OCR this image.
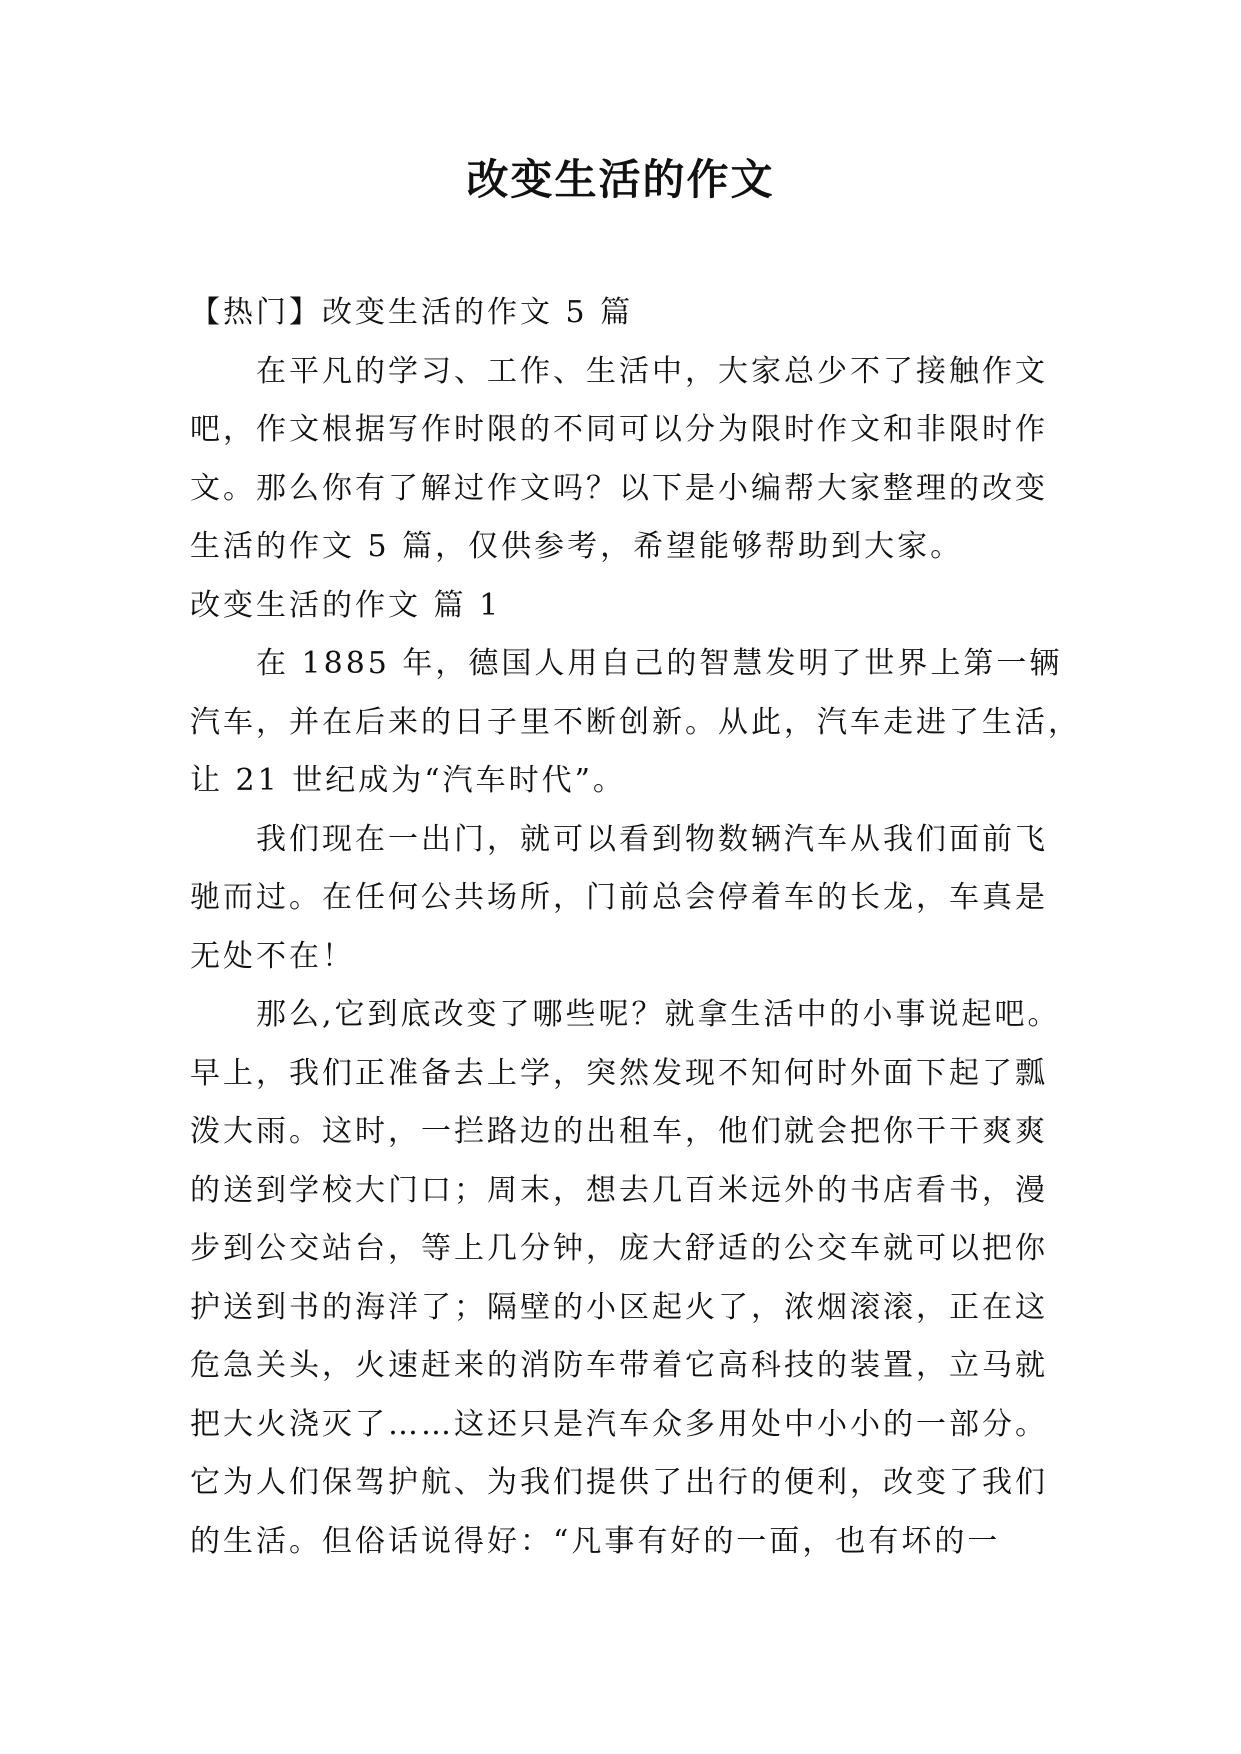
改变生活的作文
【热门】改变生活的作文 5 篇
在平凡的学习、工作、生活中，大家总少不了接触作文
吧，作文根据写作时限的不同可以分为限时作文和非限时作
文。那么你有了解过作文吗？以下是小编帮大家整理的改变
生活的作文 5 篇，仅供参考，希望能够帮助到大家。
改变生活的作文 篇 1
在 1885 年，德国人用自己的智慧发明了世界上第一辆
汽车，并在后来的日子里不断创新。从此，汽车走进了生活，
让 21 世纪成为“汽车时代”。
我们现在一出门，就可以看到物数辆汽车从我们面前飞
驰而过。在任何公共场所，门前总会停着车的长龙，车真是
无处不在！
那么,它到底改变了哪些呢？就拿生活中的小事说起吧。
早上，我们正准备去上学，突然发现不知何时外面下起了瓢
泼大雨。这时，一拦路边的出租车，他们就会把你干干爽爽
的送到学校大门口；周末，想去几百米远外的书店看书，漫
步到公交站台，等上几分钟，庞大舒适的公交车就可以把你
护送到书的海洋了；隔壁的小区起火了，浓烟滚滚，正在这
危急关头，火速赶来的消防车带着它高科技的装置，立马就
把大火浇灭了……这还只是汽车众多用处中小小的一部分。
它为人们保驾护航、为我们提供了出行的便利，改变了我们
的生活。但俗话说得好：“凡事有好的一面，也有坏的一
